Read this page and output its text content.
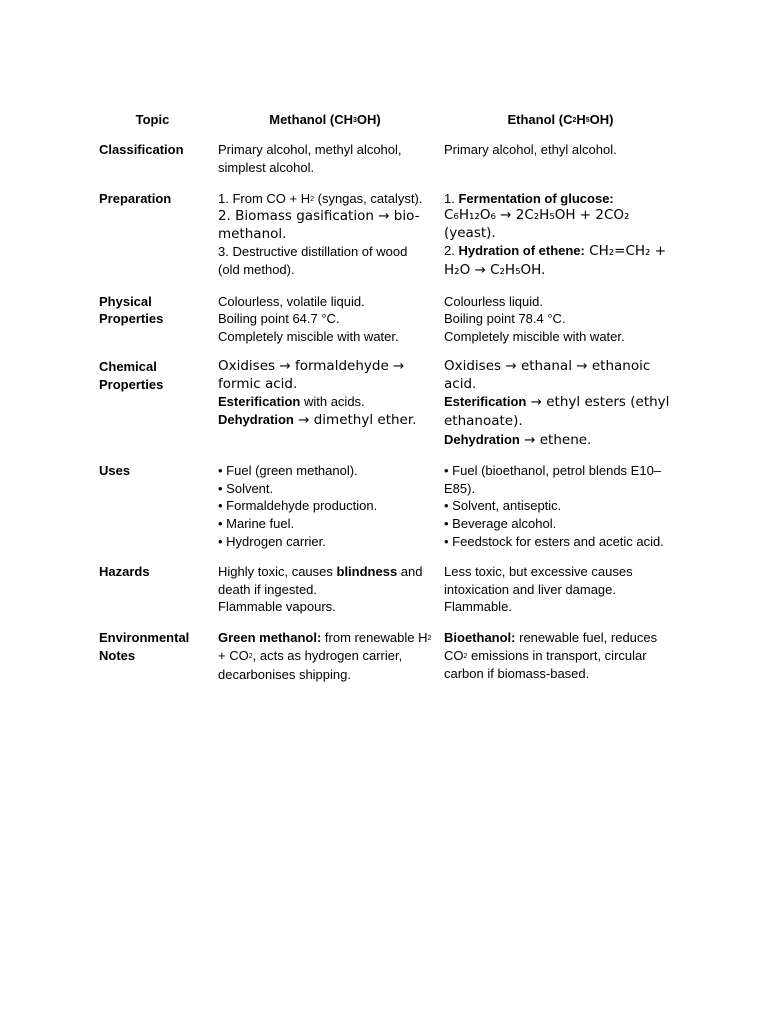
Topic	Methanol (CH3OH)	Ethanol (C2H5OH)
Classification	Primary alcohol, methyl alcohol, simplest alcohol.	Primary alcohol, ethyl alcohol.
Preparation	1. From CO + H2 (syngas, catalyst).
2. Biomass gasification → bio-methanol.
3. Destructive distillation of wood (old method).	1. Fermentation of glucose:
C₆H₁₂O₆ → 2C₂H₅OH + 2CO₂ (yeast).
2. Hydration of ethene: CH₂=CH₂ + H₂O → C₂H₅OH.

Physical Properties	Colourless, volatile liquid.
Boiling point 64.7 °C.
Completely miscible with water.	Colourless liquid.
Boiling point 78.4 °C.
Completely miscible with water.

Chemical Properties	Oxidises → formaldehyde → formic acid.
Esterification with acids.
Dehydration → dimethyl ether.	Oxidises → ethanal → ethanoic acid.
Esterification → ethyl esters (ethyl ethanoate).
Dehydration → ethene.

Uses	• Fuel (green methanol).
• Solvent.
• Formaldehyde production.
• Marine fuel.
• Hydrogen carrier.	• Fuel (bioethanol, petrol blends E10–E85).
• Solvent, antiseptic.
• Beverage alcohol.
• Feedstock for esters and acetic acid.

Hazards	Highly toxic, causes blindness and death if ingested.
Flammable vapours.	Less toxic, but excessive causes intoxication and liver damage.
Flammable.

Environmental Notes	Green methanol: from renewable H2 + CO2, acts as hydrogen carrier, decarbonises shipping.	Bioethanol: renewable fuel, reduces CO2 emissions in transport, circular carbon if biomass-based.
